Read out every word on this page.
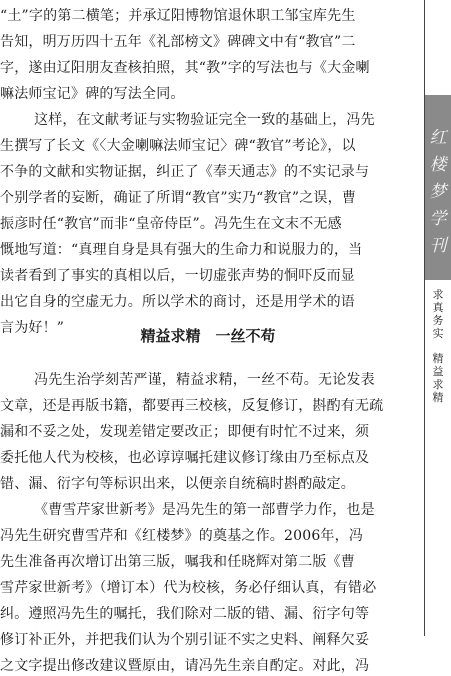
“土”字的第二横笔；并承辽阳博物馆退休职工邹宝库先生
告知，明万历四十五年《礼部榜文》碑碑文中有“教官”二
字，遂由辽阳朋友查核拍照，其“教”字的写法也与《大金喇
嘛法师宝记》碑的写法全同。
这样，在文献考证与实物验证完全一致的基础上，冯先
生撰写了长文《〈大金喇嘛法师宝记〉碑“教官”考论》，以
不争的文献和实物证据，纠正了《奉天通志》的不实记录与
个别学者的妄断，确证了所谓“教官”实乃“教官”之误，曹
振彦时任“教官”而非“皇帝侍臣”。冯先生在文末不无感
慨地写道：“真理自身是具有强大的生命力和说服力的，当
读者看到了事实的真相以后，一切虚张声势的恫吓反而显
出它自身的空虚无力。所以学术的商讨，还是用学术的语
言为好！”	精益求精　一丝不苟
冯先生治学刻苦严谨，精益求精，一丝不苟。无论发表
文章，还是再版书籍，都要再三校核，反复修订，斟酌有无疏
漏和不妥之处，发现差错定要改正；即便有时忙不过来，须
委托他人代为校核，也必谆谆嘱托建议修订缘由乃至标点及
错、漏、衍字句等标识出来，以便亲自统稿时斟酌敲定。
《曹雪芹家世新考》是冯先生的第一部曹学力作，也是
冯先生研究曹雪芹和《红楼梦》的奠基之作。2006年，冯
先生准备再次增订出第三版，嘱我和任晓辉对第二版《曹
雪芹家世新考》（增订本）代为校核，务必仔细认真，有错必
纠。遵照冯先生的嘱托，我们除对二版的错、漏、衍字句等
修订补正外，并把我们认为个别引证不实之史料、阐释欠妥
之文字提出修改建议暨原由，请冯先生亲自酌定。对此，冯
红楼梦学刊
求真务实
精益求精
